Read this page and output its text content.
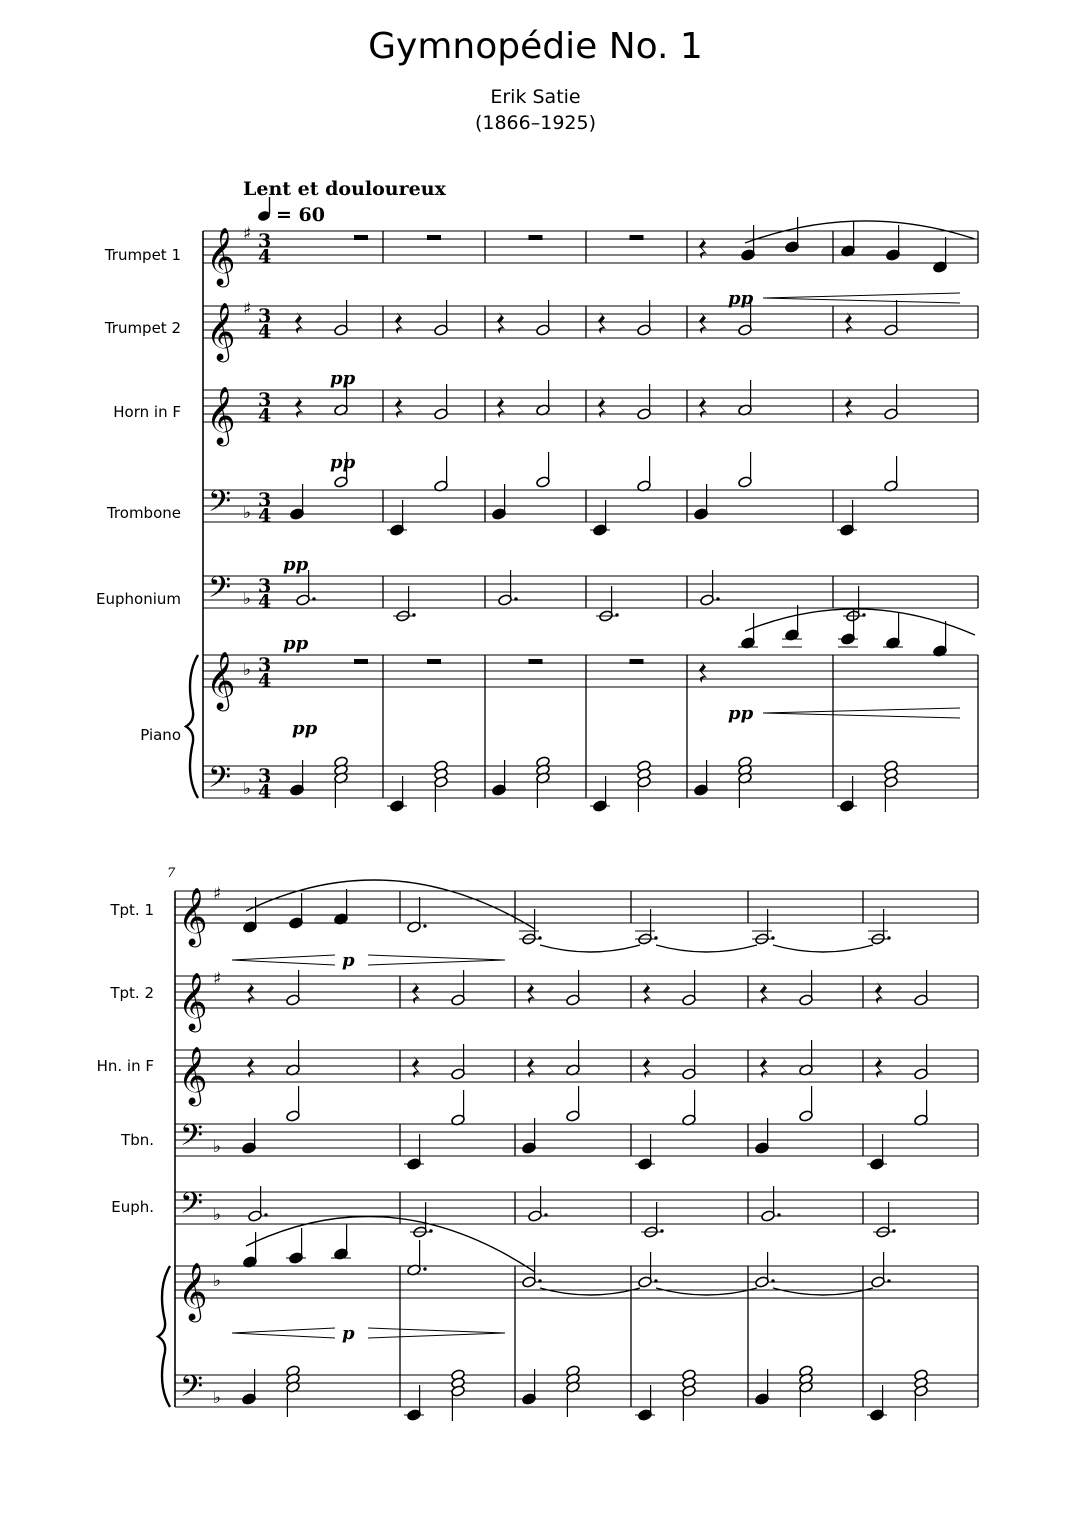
Gymnopédie No. 1
Erik Satie
(1866–1925)
Lent et douloureux
= 60
7
Trumpet 1
Trumpet 2
Horn in F
Trombone
Euphonium
Piano
Tpt. 1
Tpt. 2
Hn. in F
Tbn.
Euph.
𝄞
𝄞
𝄞
𝄢
𝄢
𝄞
𝄢
♯
♯
♭
♭
♭
♭
3
4
3
4
3
4
3
4
3
4
3
4
3
4
pp
pp
pp
pp
pp
pp
pp
𝄞
𝄞
𝄞
𝄢
𝄢
𝄞
𝄢
♯
♯
♭
♭
♭
♭
p
p
